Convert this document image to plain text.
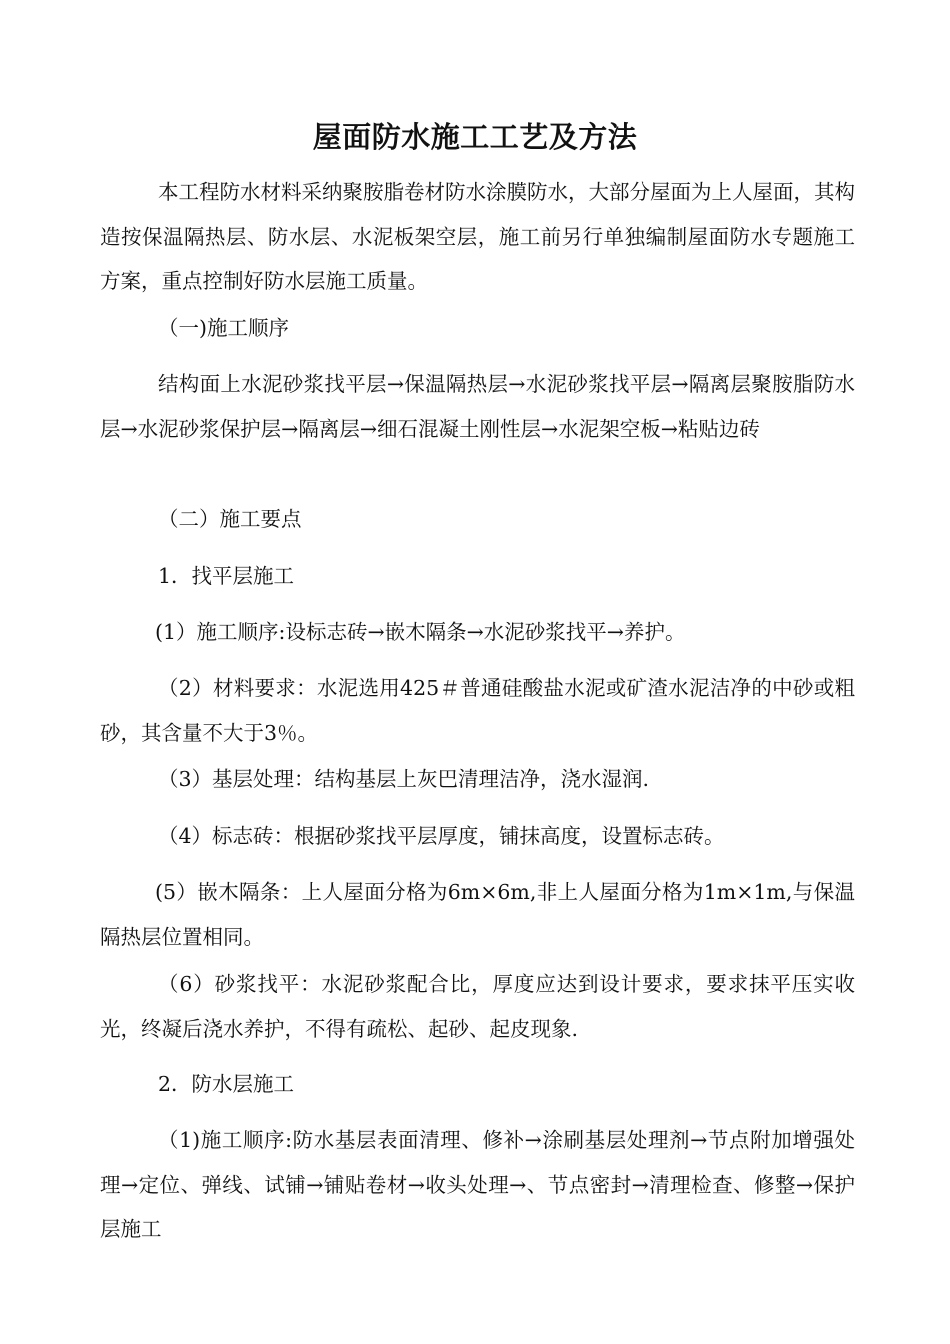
屋面防水施工工艺及方法

本工程防水材料采纳聚胺脂卷材防水涂膜防水，大部分屋面为上人屋面，其构造按保温隔热层、防水层、水泥板架空层，施工前另行单独编制屋面防水专题施工方案，重点控制好防水层施工质量。

（一)施工顺序

结构面上水泥砂浆找平层→保温隔热层→水泥砂浆找平层→隔离层聚胺脂防水层→水泥砂浆保护层→隔离层→细石混凝土刚性层→水泥架空板→粘贴边砖

（二）施工要点

1．找平层施工

(1）施工顺序:设标志砖→嵌木隔条→水泥砂浆找平→养护。

（2）材料要求：水泥选用425＃普通硅酸盐水泥或矿渣水泥洁净的中砂或粗砂，其含量不大于3％。

（3）基层处理：结构基层上灰巴清理洁净，浇水湿润.

（4）标志砖：根据砂浆找平层厚度，铺抹高度，设置标志砖。

(5）嵌木隔条：上人屋面分格为6m×6m,非上人屋面分格为1m×1m,与保温隔热层位置相同。

（6）砂浆找平：水泥砂浆配合比，厚度应达到设计要求，要求抹平压实收光，终凝后浇水养护，不得有疏松、起砂、起皮现象.

2．防水层施工

（1)施工顺序:防水基层表面清理、修补→涂刷基层处理剂→节点附加增强处理→定位、弹线、试铺→铺贴卷材→收头处理→、节点密封→清理检查、修整→保护层施工
